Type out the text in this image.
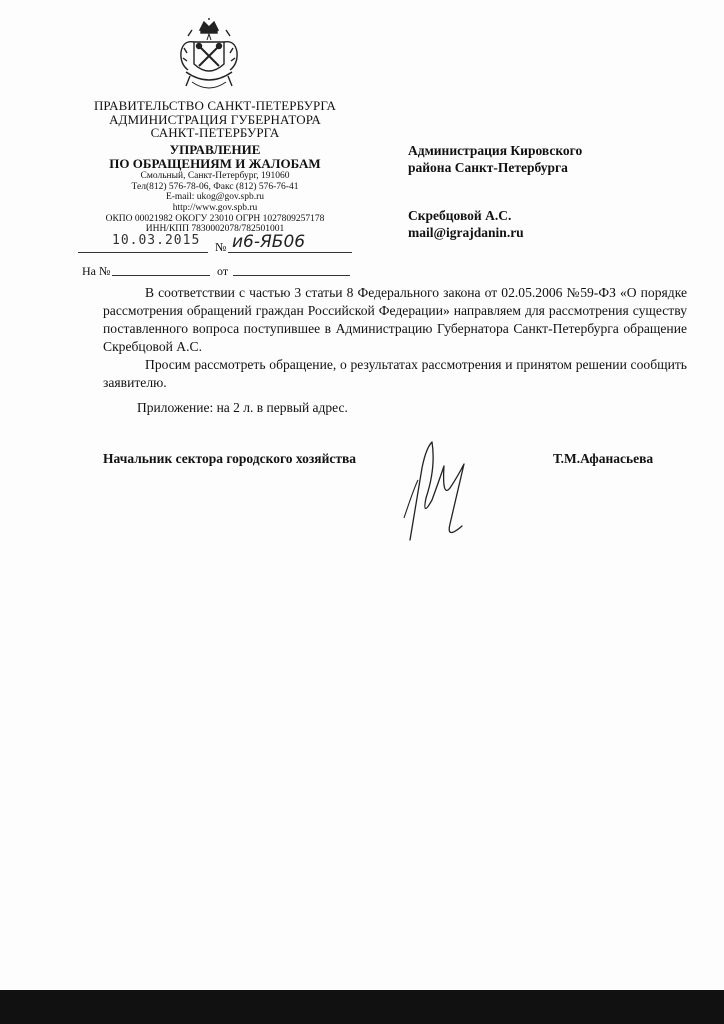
ПРАВИТЕЛЬСТВО САНКТ-ПЕТЕРБУРГА
АДМИНИСТРАЦИЯ ГУБЕРНАТОРА
САНКТ-ПЕТЕРБУРГА
УПРАВЛЕНИЕ
ПО ОБРАЩЕНИЯМ И ЖАЛОБАМ
Смольный, Санкт-Петербург, 191060
Тел(812) 576-78-06, Факс (812) 576-76-41
E-mail: ukog@gov.spb.ru
http://www.gov.spb.ru
ОКПО 00021982 ОКОГУ 23010 ОГРН 1027809257178
ИНН/КПП 7830002078/782501001
10.03.2015 № и6-ЯБ06
На №	от
Администрация Кировского
района Санкт-Петербурга
Скребцовой А.С.
mail@igrajdanin.ru

В соответствии с частью 3 статьи 8 Федерального закона от 02.05.2006 №59-ФЗ «О порядке рассмотрения обращений граждан Российской Федерации» направляем для рассмотрения существу поставленного вопроса поступившее в Администрацию Губернатора Санкт-Петербурга обращение Скребцовой А.С.

Просим рассмотреть обращение, о результатах рассмотрения и принятом решении сообщить заявителю.

Приложение: на 2 л. в первый адрес.
Начальник сектора городского хозяйства	Т.М.Афанасьева
